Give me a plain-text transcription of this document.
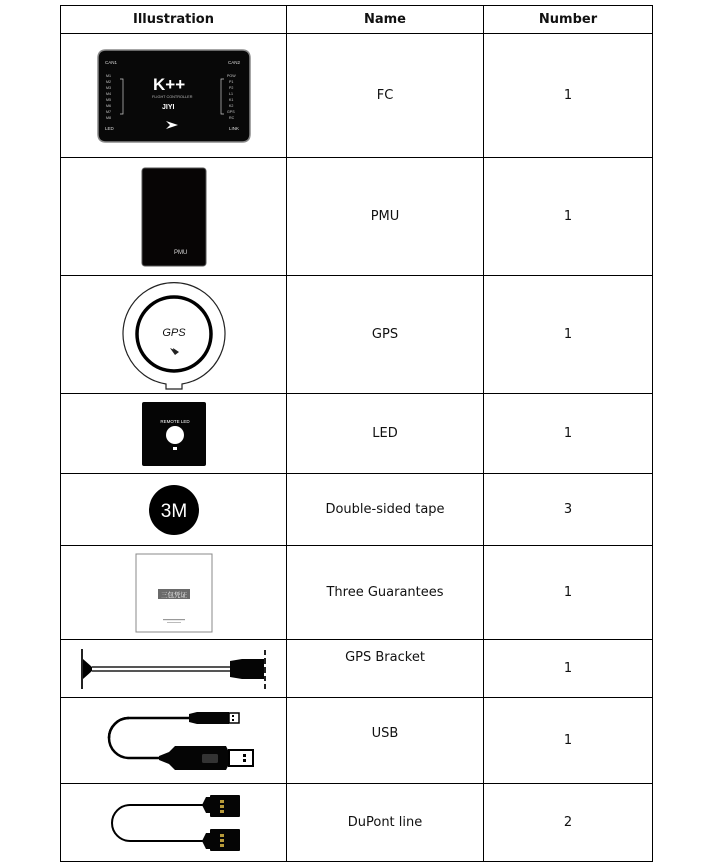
Illustration	Name	Number

CAN1	CAN2
LED	LINK
M1
M2
M3
M4
M5
M6
M7
M8
POW
P1
P2
L1
K1
K2
GPS
RC
K++
FLIGHT CONTROLLER
JIYI
	FC	1

PMU	PMU	1

GPS	GPS	1

REMOTE LED	LED	1

3M	Double-sided tape	3

三包凭证	Three Guarantees	1

	GPS Bracket	1

	USB	1

	DuPont line	2
